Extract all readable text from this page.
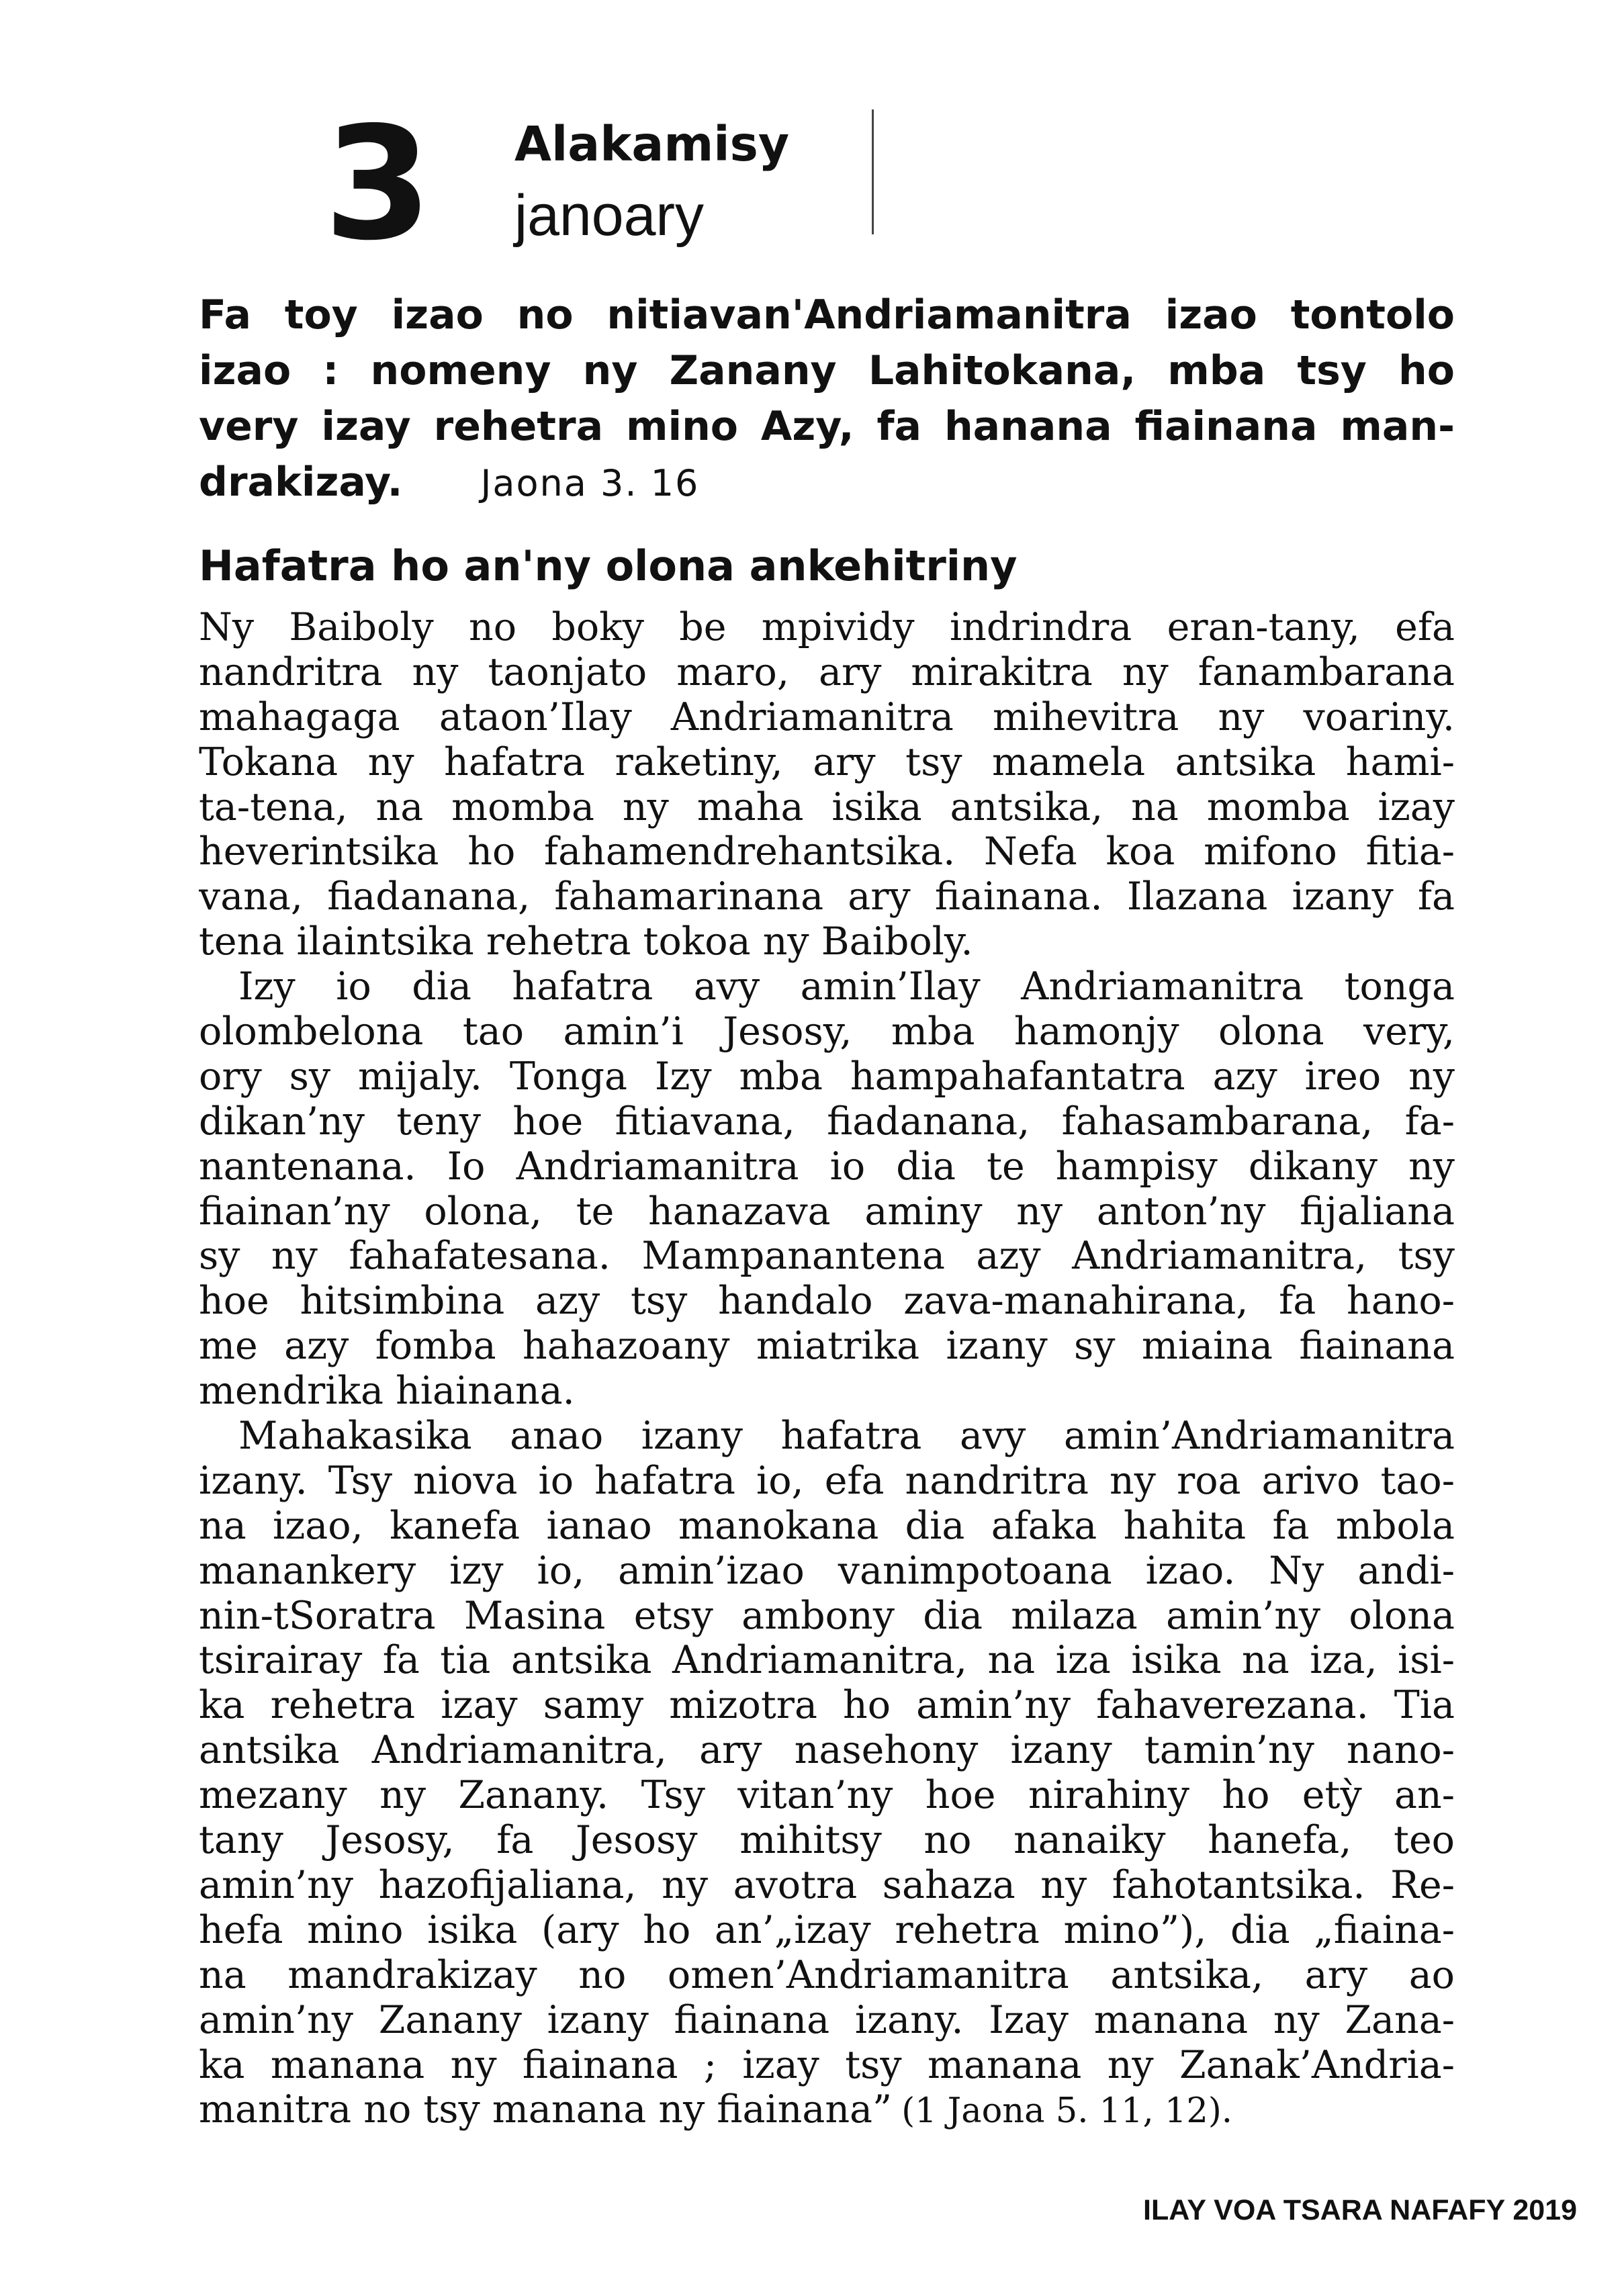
3 Alakamisy
janoary
Fa toy izao no nitiavan'Andriamanitra izao tontolo
izao : nomeny ny Zanany Lahitokana, mba tsy ho
very izay rehetra mino Azy, fa hanana fiainana man-
drakizay. Jaona 3. 16
Hafatra ho an'ny olona ankehitriny
Ny Baiboly no boky be mpividy indrindra eran-tany, efa
nandritra ny taonjato maro, ary mirakitra ny fanambarana
mahagaga ataon’Ilay Andriamanitra mihevitra ny voariny.
Tokana ny hafatra raketiny, ary tsy mamela antsika hami-
ta-tena, na momba ny maha isika antsika, na momba izay
heverintsika ho fahamendrehantsika. Nefa koa mifono fitia-
vana, fiadanana, fahamarinana ary fiainana. Ilazana izany fa
tena ilaintsika rehetra tokoa ny Baiboly.
Izy io dia hafatra avy amin’Ilay Andriamanitra tonga
olombelona tao amin’i Jesosy, mba hamonjy olona very,
ory sy mijaly. Tonga Izy mba hampahafantatra azy ireo ny
dikan’ny teny hoe fitiavana, fiadanana, fahasambarana, fa-
nantenana. Io Andriamanitra io dia te hampisy dikany ny
fiainan’ny olona, te hanazava aminy ny anton’ny fijaliana
sy ny fahafatesana. Mampanantena azy Andriamanitra, tsy
hoe hitsimbina azy tsy handalo zava-manahirana, fa hano-
me azy fomba hahazoany miatrika izany sy miaina fiainana
mendrika hiainana.
Mahakasika anao izany hafatra avy amin’Andriamanitra
izany. Tsy niova io hafatra io, efa nandritra ny roa arivo tao-
na izao, kanefa ianao manokana dia afaka hahita fa mbola
manankery izy io, amin’izao vanimpotoana izao. Ny andi-
nin-tSoratra Masina etsy ambony dia milaza amin’ny olona
tsirairay fa tia antsika Andriamanitra, na iza isika na iza, isi-
ka rehetra izay samy mizotra ho amin’ny fahaverezana. Tia
antsika Andriamanitra, ary nasehony izany tamin’ny nano-
mezany ny Zanany. Tsy vitan’ny hoe nirahiny ho etỳ an-
tany Jesosy, fa Jesosy mihitsy no nanaiky hanefa, teo
amin’ny hazofijaliana, ny avotra sahaza ny fahotantsika. Re-
hefa mino isika (ary ho an’„izay rehetra mino”), dia „fiaina-
na mandrakizay no omen’Andriamanitra antsika, ary ao
amin’ny Zanany izany fiainana izany. Izay manana ny Zana-
ka manana ny fiainana ; izay tsy manana ny Zanak’Andria-
manitra no tsy manana ny fiainana” (1 Jaona 5. 11, 12).
ILAY VOA TSARA NAFAFY 2019
